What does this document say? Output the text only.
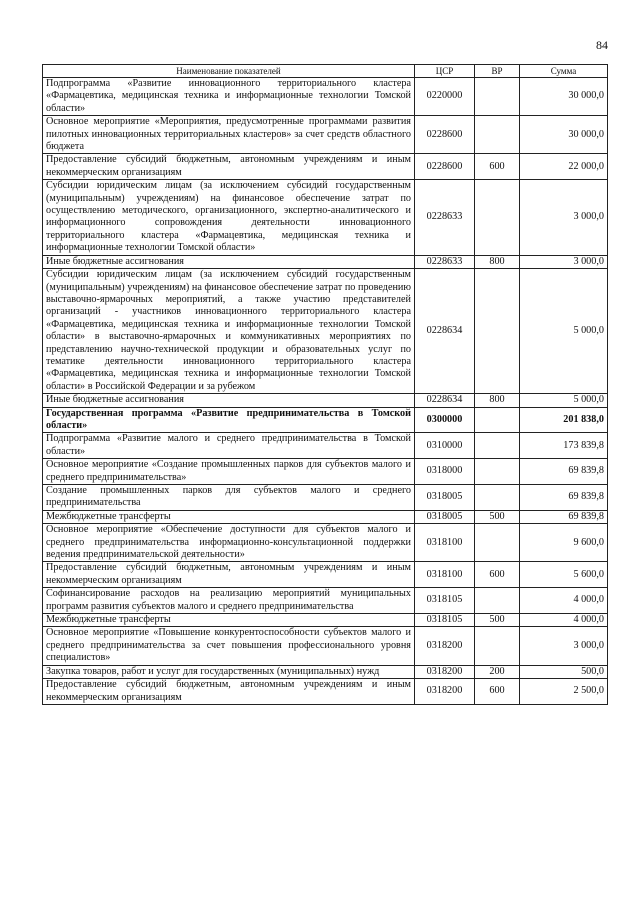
84
Наименование показателей	ЦСР	ВР	Сумма
Подпрограмма «Развитие инновационного территориального кластера «Фармацевтика, медицинская техника и информационные технологии Томской области»	0220000		30 000,0
Основное мероприятие «Мероприятия, предусмотренные программами развития пилотных инновационных территориальных кластеров» за счет средств областного бюджета	0228600		30 000,0
Предоставление субсидий бюджетным, автономным учреждениям и иным некоммерческим организациям	0228600	600	22 000,0
Субсидии юридическим лицам (за исключением субсидий государственным (муниципальным) учреждениям) на финансовое обеспечение затрат по осуществлению методического, организационного, экспертно-аналитического и информационного сопровождения деятельности инновационного территориального кластера «Фармацевтика, медицинская техника и информационные технологии Томской области»	0228633		3 000,0
Иные бюджетные ассигнования	0228633	800	3 000,0
Субсидии юридическим лицам (за исключением субсидий государственным (муниципальным) учреждениям) на финансовое обеспечение затрат по проведению выставочно-ярмарочных мероприятий, а также участию представителей организаций - участников инновационного территориального кластера «Фармацевтика, медицинская техника и информационные технологии Томской области» в выставочно-ярмарочных и коммуникативных мероприятиях по представлению научно-технической продукции и образовательных услуг по тематике деятельности инновационного территориального кластера «Фармацевтика, медицинская техника и информационные технологии Томской области» в Российской Федерации и за рубежом	0228634		5 000,0
Иные бюджетные ассигнования	0228634	800	5 000,0
Государственная программа «Развитие предпринимательства в Томской области»	0300000		201 838,0
Подпрограмма «Развитие малого и среднего предпринимательства в Томской области»	0310000		173 839,8
Основное мероприятие «Создание промышленных парков для субъектов малого и среднего предпринимательства»	0318000		69 839,8
Создание промышленных парков для субъектов малого и среднего предпринимательства	0318005		69 839,8
Межбюджетные трансферты	0318005	500	69 839,8
Основное мероприятие «Обеспечение доступности для субъектов малого и среднего предпринимательства информационно-консультационной поддержки ведения предпринимательской деятельности»	0318100		9 600,0
Предоставление субсидий бюджетным, автономным учреждениям и иным некоммерческим организациям	0318100	600	5 600,0
Софинансирование расходов на реализацию мероприятий муниципальных программ развития субъектов малого и среднего предпринимательства	0318105		4 000,0
Межбюджетные трансферты	0318105	500	4 000,0
Основное мероприятие «Повышение конкурентоспособности субъектов малого и среднего предпринимательства за счет повышения профессионального уровня специалистов»	0318200		3 000,0
Закупка товаров, работ и услуг для государственных (муниципальных) нужд	0318200	200	500,0
Предоставление субсидий бюджетным, автономным учреждениям и иным некоммерческим организациям	0318200	600	2 500,0
